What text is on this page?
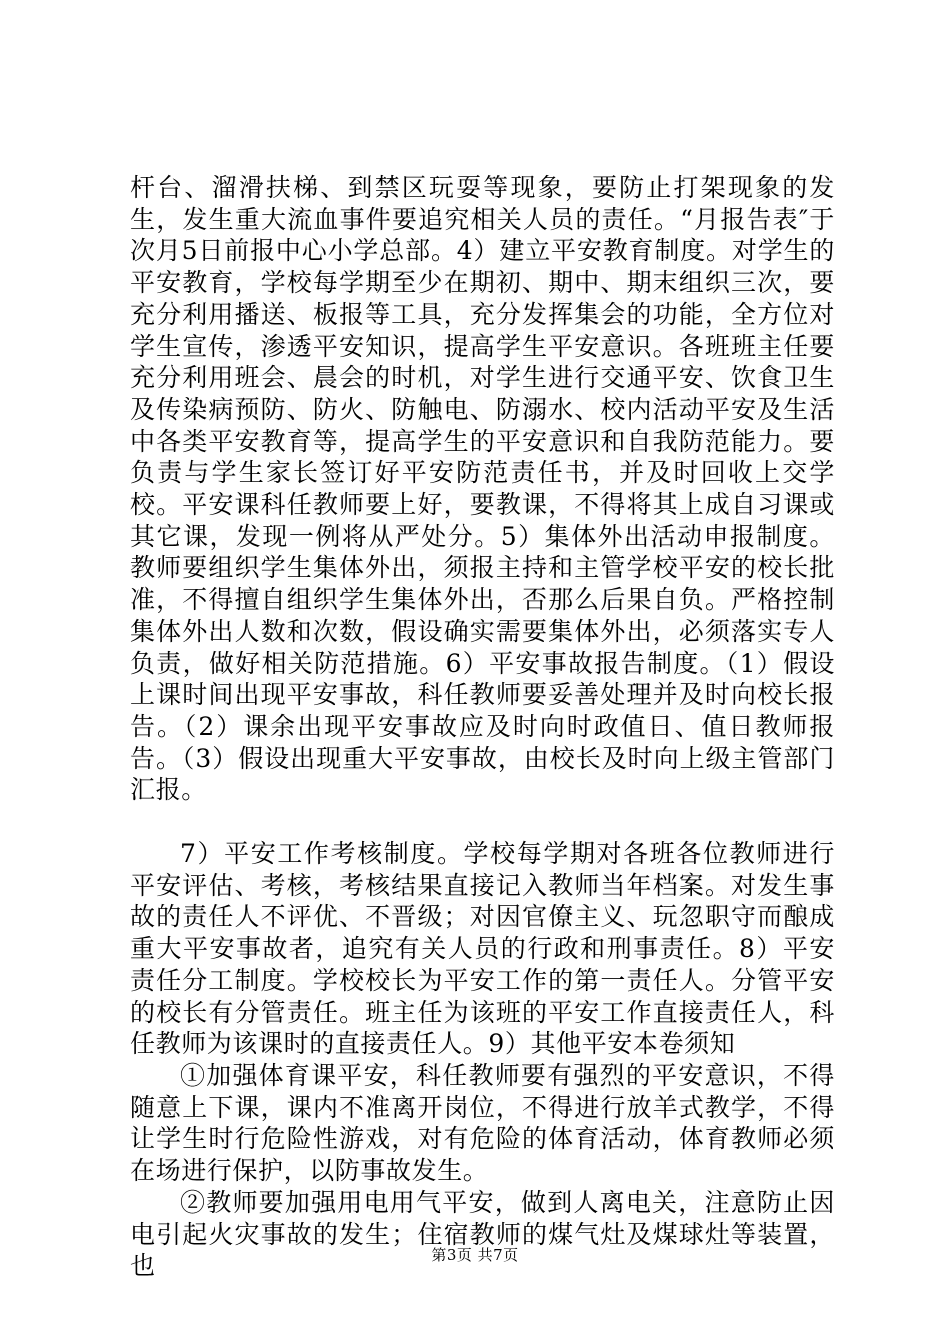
杆台、溜滑扶梯、到禁区玩耍等现象，要防止打架现象的发生，发生重大流血事件要追究相关人员的责任。“月报告表″于次月5日前报中心小学总部。4）建立平安教育制度。对学生的平安教育，学校每学期至少在期初、期中、期末组织三次，要充分利用播送、板报等工具，充分发挥集会的功能，全方位对学生宣传，渗透平安知识，提高学生平安意识。各班班主任要充分利用班会、晨会的时机，对学生进行交通平安、饮食卫生及传染病预防、防火、防触电、防溺水、校内活动平安及生活中各类平安教育等，提高学生的平安意识和自我防范能力。要负责与学生家长签订好平安防范责任书，并及时回收上交学校。平安课科任教师要上好，要教课，不得将其上成自习课或其它课，发现一例将从严处分。5）集体外出活动申报制度。教师要组织学生集体外出，须报主持和主管学校平安的校长批准，不得擅自组织学生集体外出，否那么后果自负。严格控制集体外出人数和次数，假设确实需要集体外出，必须落实专人负责，做好相关防范措施。6）平安事故报告制度。（1）假设上课时间出现平安事故，科任教师要妥善处理并及时向校长报告。（2）课余出现平安事故应及时向时政值日、值日教师报告。（3）假设出现重大平安事故，由校长及时向上级主管部门汇报。

7）平安工作考核制度。学校每学期对各班各位教师进行平安评估、考核，考核结果直接记入教师当年档案。对发生事故的责任人不评优、不晋级；对因官僚主义、玩忽职守而酿成重大平安事故者，追究有关人员的行政和刑事责任。8）平安责任分工制度。学校校长为平安工作的第一责任人。分管平安的校长有分管责任。班主任为该班的平安工作直接责任人，科任教师为该课时的直接责任人。9）其他平安本卷须知

①加强体育课平安，科任教师要有强烈的平安意识，不得随意上下课，课内不准离开岗位，不得进行放羊式教学，不得让学生时行危险性游戏，对有危险的体育活动，体育教师必须在场进行保护，以防事故发生。

②教师要加强用电用气平安，做到人离电关，注意防止因电引起火灾事故的发生；住宿教师的煤气灶及煤球灶等装置，也	第3页 共7页
